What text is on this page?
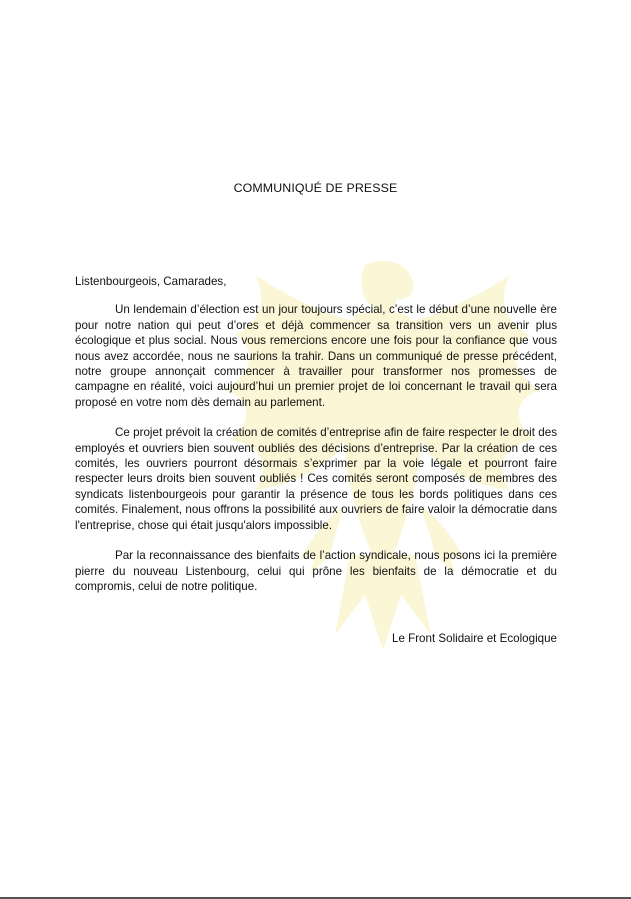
COMMUNIQUÉ DE PRESSE

Listenbourgeois, Camarades,

Un lendemain d’élection est un jour toujours spécial, c’est le début d’une nouvelle ère pour notre nation qui peut d’ores et déjà commencer sa transition vers un avenir plus écologique et plus social. Nous vous remercions encore une fois pour la confiance que vous nous avez accordée, nous ne saurions la trahir. Dans un communiqué de presse précédent, notre groupe annonçait commencer à travailler pour transformer nos promesses de campagne en réalité, voici aujourd’hui un premier projet de loi concernant le travail qui sera proposé en votre nom dès demain au parlement.

Ce projet prévoit la création de comités d’entreprise afin de faire respecter le droit des employés et ouvriers bien souvent oubliés des décisions d’entreprise. Par la création de ces comités, les ouvriers pourront désormais s’exprimer par la voie légale et pourront faire respecter leurs droits bien souvent oubliés ! Ces comités seront composés de membres des syndicats listenbourgeois pour garantir la présence de tous les bords politiques dans ces comités. Finalement, nous offrons la possibilité aux ouvriers de faire valoir la démocratie dans l'entreprise, chose qui était jusqu'alors impossible.

Par la reconnaissance des bienfaits de l’action syndicale, nous posons ici la première pierre du nouveau Listenbourg, celui qui prône les bienfaits de la démocratie et du compromis, celui de notre politique.

Le Front Solidaire et Ecologique
